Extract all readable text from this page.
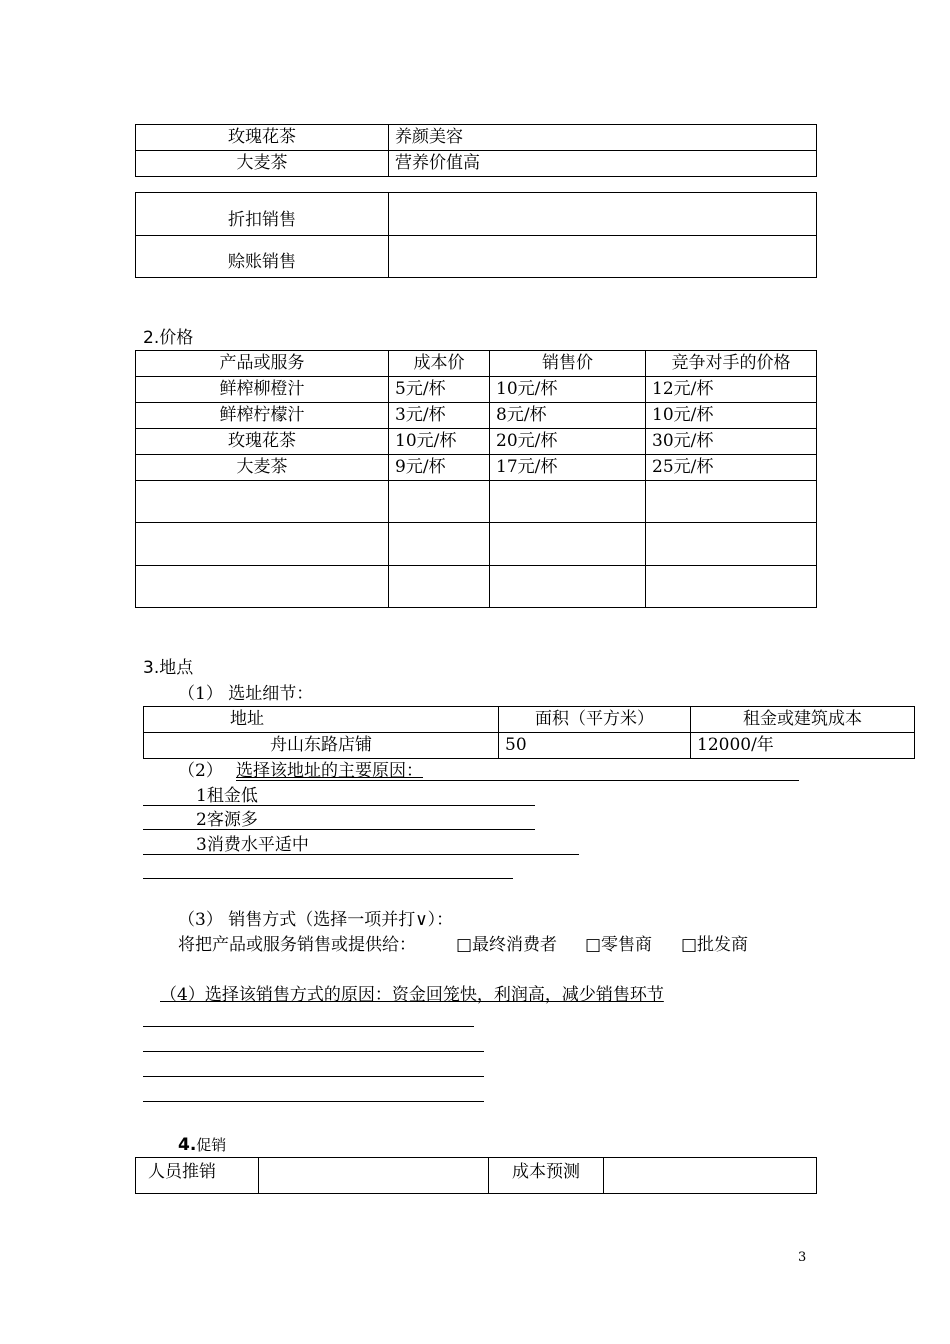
玫瑰花茶	养颜美容
大麦茶	营养价值高
折扣销售	
赊账销售	
2.价格
产品或服务	成本价	销售价	竞争对手的价格
鲜榨柳橙汁	5元/杯	10元/杯	12元/杯
鲜榨柠檬汁	3元/杯	8元/杯	10元/杯
玫瑰花茶	10元/杯	20元/杯	30元/杯
大麦茶	9元/杯	17元/杯	25元/杯

3.地点
（1） 选址细节：
地址	面积（平方米）	租金或建筑成本
舟山东路店铺	50	12000/年
（2） 选择该地址的主要原因：
1租金低
2客源多
3消费水平适中
（3） 销售方式（选择一项并打∨）：
将把产品或服务销售或提供给： □最终消费者 □零售商 □批发商
（4）选择该销售方式的原因：资金回笼快，利润高，减少销售环节
4.促销
人员推销		成本预测	
3
